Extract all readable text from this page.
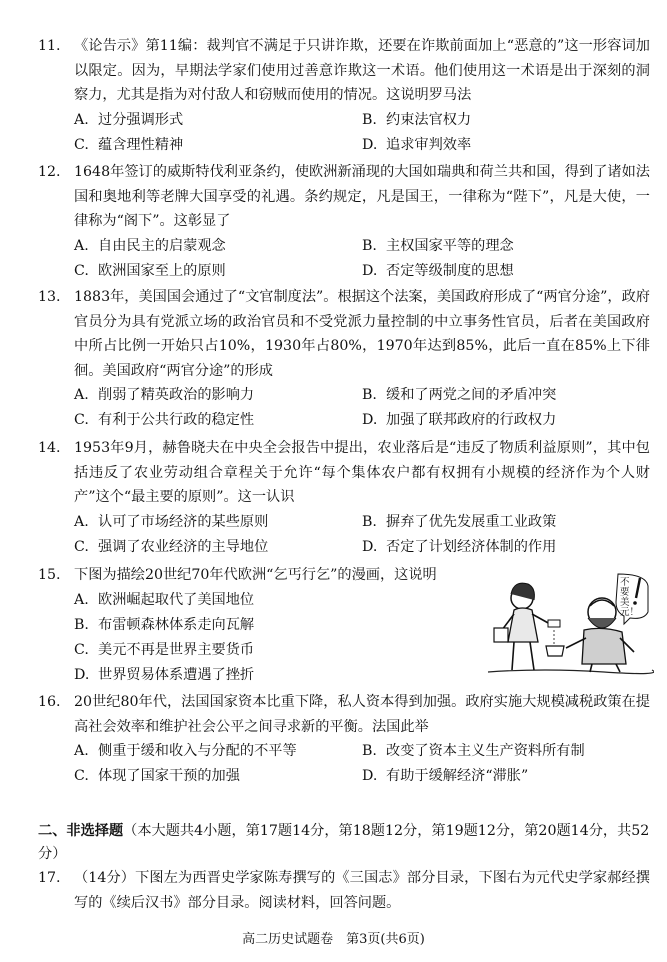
11. 《论告示》第11编：裁判官不满足于只讲诈欺，还要在诈欺前面加上“恶意的”这一形容词加以限定。因为，早期法学家们使用过善意诈欺这一术语。他们使用这一术语是出于深刻的洞察力，尤其是指为对付敌人和窃贼而使用的情况。这说明罗马法
A. 过分强调形式	B. 约束法官权力
C. 蕴含理性精神	D. 追求审判效率
12. 1648年签订的威斯特伐利亚条约，使欧洲新涌现的大国如瑞典和荷兰共和国，得到了诸如法国和奥地利等老牌大国享受的礼遇。条约规定，凡是国王，一律称为“陛下”，凡是大使，一律称为“阁下”。这彰显了
A. 自由民主的启蒙观念	B. 主权国家平等的理念
C. 欧洲国家至上的原则	D. 否定等级制度的思想
13. 1883年，美国国会通过了“文官制度法”。根据这个法案，美国政府形成了“两官分途”，政府官员分为具有党派立场的政治官员和不受党派力量控制的中立事务性官员，后者在美国政府中所占比例一开始只占10%，1930年占80%，1970年达到85%，此后一直在85%上下徘徊。美国政府“两官分途”的形成
A. 削弱了精英政治的影响力	B. 缓和了两党之间的矛盾冲突
C. 有利于公共行政的稳定性	D. 加强了联邦政府的行政权力
14. 1953年9月，赫鲁晓夫在中央全会报告中提出，农业落后是“违反了物质利益原则”，其中包括违反了农业劳动组合章程关于允许“每个集体农户都有权拥有小规模的经济作为个人财产”这个“最主要的原则”。这一认识
A. 认可了市场经济的某些原则	B. 摒弃了优先发展重工业政策
C. 强调了农业经济的主导地位	D. 否定了计划经济体制的作用
15. 下图为描绘20世纪70年代欧洲“乞丐行乞”的漫画，这说明
A. 欧洲崛起取代了美国地位
B. 布雷顿森林体系走向瓦解
C. 美元不再是世界主要货币
D. 世界贸易体系遭遇了挫折
不要美元！
16. 20世纪80年代，法国国家资本比重下降，私人资本得到加强。政府实施大规模减税政策在提高社会效率和维护社会公平之间寻求新的平衡。法国此举
A. 侧重于缓和收入与分配的不平等	B. 改变了资本主义生产资料所有制
C. 体现了国家干预的加强	D. 有助于缓解经济“滞胀”
二、非选择题（本大题共4小题，第17题14分，第18题12分，第19题12分，第20题14分，共52分）
17. （14分）下图左为西晋史学家陈寿撰写的《三国志》部分目录，下图右为元代史学家郝经撰写的《续后汉书》部分目录。阅读材料，回答问题。
高二历史试题卷　第3页(共6页)
